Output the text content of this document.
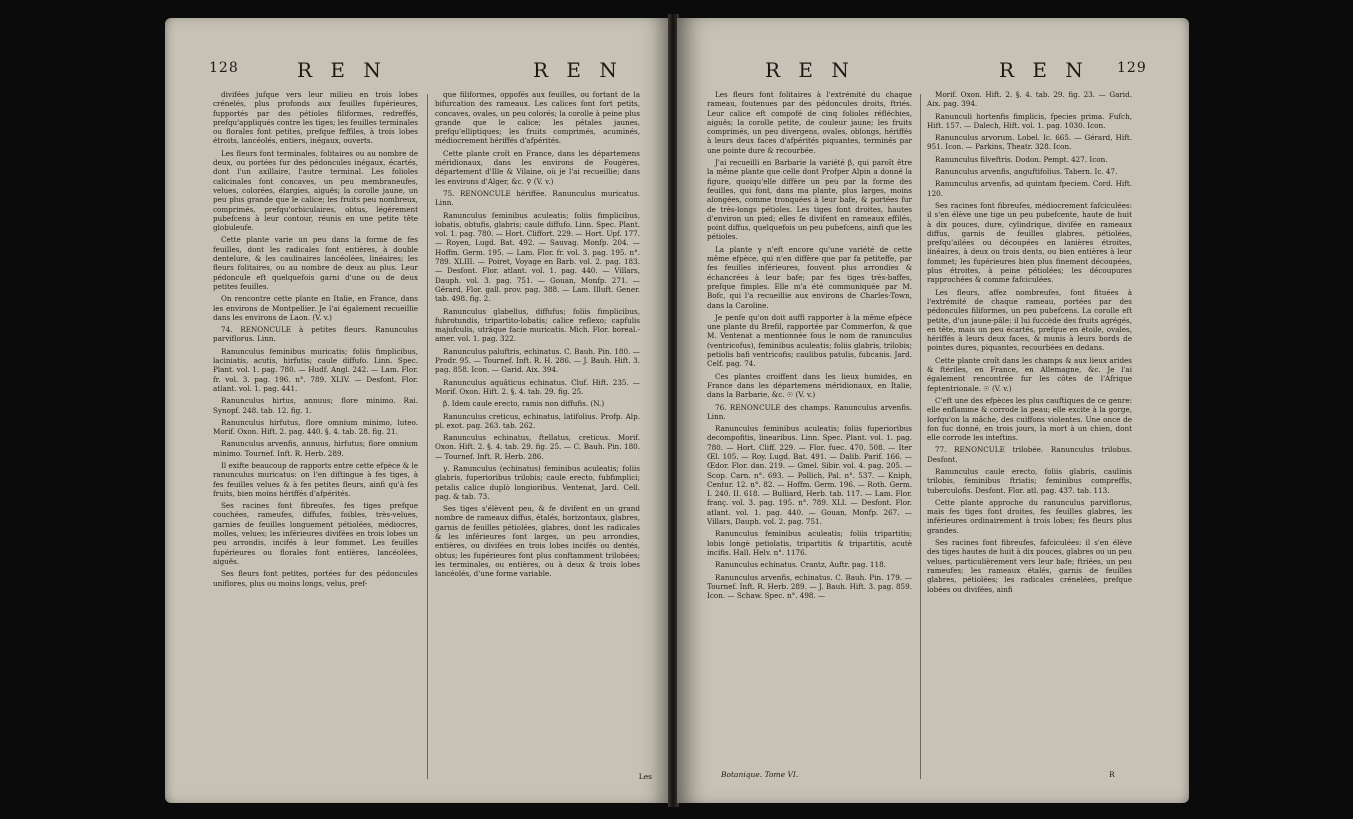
128	R E N	R E N

divifées jufque vers leur milieu en trois lobes crénelés, plus profonds aux feuilles fupérieures, fupportés par des pétioles filiformes, redreffés, prefqu'appliqués contre les tiges; les feuilles terminales ou florales font petites, prefque feffiles, à trois lobes étroits, lancéolés, entiers, inégaux, ouverts.

Les fleurs font terminales, folitaires ou au nombre de deux, ou portées fur des pédoncules inégaux, écartés, dont l'un axillaire, l'autre terminal. Les folioles calicinales font concaves, un peu membraneufes, velues, colorées, élargies, aiguës; la corolle jaune, un peu plus grande que le calice; les fruits peu nombreux, comprimés, prefqu'orbiculaires, obtus, légérement pubefcens à leur contour, réunis en une petite tête globuleufe.

Cette plante varie un peu dans la forme de fes feuilles, dont les radicales font entières, à double dentelure, & les caulinaires lancéolées, linéaires; les fleurs folitaires, ou au nombre de deux au plus. Leur pédoncule eft quelquefois garni d'une ou de deux petites feuilles.

On rencontre cette plante en Italie, en France, dans les environs de Montpellier. Je l'ai également recueillie dans les environs de Laon. (V. v.)

74. RENONCULE à petites fleurs. Ranunculus parviflorus. Linn.

Ranunculus feminibus muricatis; foliis fimplicibus, laciniatis, acutis, hirfutis; caule diffufo. Linn. Spec. Plant. vol. 1. pag. 780. — Hudf. Angl. 242. — Lam. Flor. fr. vol. 3. pag. 196. n°. 789. XLIV. — Desfont. Flor. atlant. vol. 1. pag. 441.

Ranunculus hirtus, annuus; flore minimo. Rai. Synopf. 248. tab. 12. fig. 1.

Ranunculus hirfutus, flore omnium minimo, luteo. Morif. Oxon. Hift. 2. pag. 440. §. 4. tab. 28. fig. 21.

Ranunculus arvenfis, annuus, hirfutus; flore omnium minimo. Tournef. Inft. R. Herb. 289.

Il exifte beaucoup de rapports entre cette efpèce & le ranunculus muricatus: on l'en diftingue à fes tiges, à fes feuilles velues & à fes petites fleurs, ainfi qu'à fes fruits, bien moins hériffés d'afpérités.

Ses racines font fibreufes, fes tiges prefque couchées, rameufes, diffufes, foibles, très-velues, garnies de feuilles longuement pétiolées, médiocres, molles, velues; les inférieures divifées en trois lobes un peu arrondis, incifés à leur fommet. Les feuilles fupérieures ou florales font entières, lancéolées, aiguës.

Ses fleurs font petites, portées fur des pédoncules uniflores, plus ou moins longs, velus, pref-

que filiformes, oppofés aux feuilles, ou fortant de la bifurcation des rameaux. Les calices font fort petits, concaves, ovales, un peu colorés; la corolle à peine plus grande que le calice; les pétales jaunes, prefqu'elliptiques; les fruits comprimés, acuminés, médiocrement hériffés d'afpérités.

Cette plante croît en France, dans les départemens méridionaux, dans les environs de Fougères, département d'Ille & Vilaine, où je l'ai recueillie; dans les environs d'Alger, &c. ⚲ (V. v.)

75. RENONCULE hériffée. Ranunculus muricatus. Linn.

Ranunculus feminibus aculeatis; foliis fimplicibus, lobatis, obtufis, glabris; caule diffufo. Linn. Spec. Plant. vol. 1. pag. 780. — Hort. Cliffort. 229. — Hort. Upf. 177. — Royen, Lugd. Bat. 492. — Sauvag. Monfp. 204. — Hoffm. Germ. 195. — Lam. Flor. fr. vol. 3. pag. 195. n°. 789. XLIII. — Poiret, Voyage en Barb. vol. 2. pag. 183. — Desfont. Flor. atlant. vol. 1. pag. 440. — Villars, Dauph. vol. 3. pag. 751. — Gouan, Monfp. 271. — Gérard, Flor. gall. prov. pag. 388. — Lam. Illuft. Gener. tab. 498. fig. 2.

Ranunculus glabellus, diffufus; foliis fimplicibus, fubrotundis, tripartito-lobatis; calice reflexo; capfulis majufculis, utrâque facie muricatis. Mich. Flor. boreal.-amer. vol. 1. pag. 322.

Ranunculus paluftris, echinatus. C. Bauh. Pin. 180. — Prodr. 95. — Tournef. Inft. R. H. 286. — J. Bauh. Hift. 3. pag. 858. Icon. — Garid. Aix. 394.

Ranunculus aquâticus echinatus. Cluf. Hift. 235. — Morif. Oxon. Hift. 2. §. 4. tab. 29. fig. 25.

β. Idem caule erecto, ramis non diffufis. (N.)

Ranunculus creticus, echinatus, latifolius. Profp. Alp. pl. exot. pag. 263. tab. 262.

Ranunculus echinatus, ftellatus, creticus. Morif. Oxon. Hift. 2. §. 4. tab. 29. fig. 25. — C. Bauh. Pin. 180. — Tournef. Inft. R. Herb. 286.

γ. Ranunculus (echinatus) feminibus aculeatis; foliis glabris, fuperioribus trilobis; caule erecto, fubfimplici; petalis calice duplò longioribus. Ventenat, Jard. Cell. pag. & tab. 73.

Ses tiges s'élèvent peu, & fe divifent en un grand nombre de rameaux diffus, étalés, horizontaux, glabres, garnis de feuilles pétiolées, glabres, dont les radicales & les inférieures font larges, un peu arrondies, entières, ou divifées en trois lobes incifés ou dentés, obtus; les fupérieures font plus conftamment trilobées; les terminales, ou entières, ou à deux & trois lobes lancéolés, d'une forme variable.

Les
R E N	R E N 129

Les fleurs font folitaires à l'extrémité du chaque rameau, foutenues par des pédoncules droits, ftriés. Leur calice eft compofé de cinq folioles réfléchies, aiguës; la corolle petite, de couleur jaune; les fruits comprimés, un peu divergens, ovales, oblongs, hériffés à leurs deux faces d'afpérités piquantes, terminés par une pointe dure & recourbée.

J'ai recueilli en Barbarie la variété β, qui paroît être la même plante que celle dont Profper Alpin a donné la figure, quoiqu'elle diffère un peu par la forme des feuilles, qui font, dans ma plante, plus larges, moins alongées, comme tronquées à leur bafe, & portées fur de très-longs pétioles. Les tiges font droites, hautes d'environ un pied; elles fe divifent en rameaux effilés, point diffus, quelquefois un peu pubefcens, ainfi que les pétioles.

La plante γ n'eft encore qu'une variété de cette même efpèce, qui n'en diffère que par fa petiteffe, par fes feuilles inférieures, fouvent plus arrondies & échancrées à leur bafe; par fes tiges très-baffes, prefque fimples. Elle m'a été communiquée par M. Bofc, qui l'a recueillie aux environs de Charles-Town, dans la Caroline.

Je penfe qu'on doit auffi rapporter à la même efpèce une plante du Brefil, rapportée par Commerfon, & que M. Ventenat a mentionnée fous le nom de ranunculus (ventricofus), feminibus aculeatis; foliis glabris, trilobis; petiolis bafi ventricofis; caulibus patulis, fubcanis. Jard. Celf. pag. 74.

Ces plantes croiffent dans les lieux humides, en France dans les départemens méridionaux, en Italie, dans la Barbarie, &c. ☉ (V. v.)

76. RENONCULE des champs. Ranunculus arvenfis. Linn.

Ranunculus feminibus aculeatis; foliis fuperioribus decompofitis, linearibus. Linn. Spec. Plant. vol. 1. pag. 780. — Hort. Cliff. 229. — Flor. fuec. 470. 508. — Iter Œl. 105. — Roy. Lugd. Bat. 491. — Dalib. Parif. 166. — Œdor. Flor. dan. 219. — Gmel. Sibir. vol. 4. pag. 205. — Scop. Carn. n°. 693. — Pollich, Pal. n°. 537. — Kniph, Centur. 12. n°. 82. — Hoffm. Germ. 196. — Roth. Germ. I. 240. II. 618. — Bulliard, Herb. tab. 117. — Lam. Flor. franç. vol. 3. pag. 195. n°. 789. XLI. — Desfont. Flor. atlant. vol. 1. pag. 440. — Gouan, Monfp. 267. — Villars, Dauph. vol. 2. pag. 751.

Ranunculus feminibus aculeatis; foliis tripartitis; lobis longè petiolatis, tripartitis & tripartitis, acutè incifis. Hall. Helv. n°. 1176.

Ranunculus echinatus. Crantz, Auftr. pag. 118.

Ranunculus arvenfis, echinatus. C. Bauh. Pin. 179. — Tournef. Inft. R. Herb. 289. — J. Bauh. Hift. 3. pag. 859. Icon. — Schaw. Spec. n°. 498. —

Morif. Oxon. Hift. 2. §. 4. tab. 29. fig. 23. — Garid. Aix. pag. 394.

Ranunculi hortenfis fimplicis, fpecies prima. Fufch, Hift. 157. — Dalech, Hift. vol. 1. pag. 1030. Icon.

Ranunculus arvorum. Lobel. Ic. 665. — Gérard, Hift. 951. Icon. — Parkins, Theatr. 328. Icon.

Ranunculus filveftris. Dodon. Pempt. 427. Icon.

Ranunculus arvenfis, anguftifolius. Tabern. Ic. 47.

Ranunculus arvenfis, ad quintam fpeciem. Cord. Hift. 120.

Ses racines font fibreufes, médiocrement fafciculées: il s'en élève une tige un peu pubefcente, haute de huit à dix pouces, dure, cylindrique, divifée en rameaux diffus, garnis de feuilles glabres, pétiolées, prefqu'ailées ou découpées en lanières étroites, linéaires, à deux ou trois dents, ou bien entières à leur fommet; les fupérieures bien plus finement découpées, plus étroites, à peine pétiolées; les découpures rapprochées & comme fafciculées.

Les fleurs, affez nombreufes, font fituées à l'extrémité de chaque rameau, portées par des pédoncules filiformes, un peu pubefcens. La corolle eft petite, d'un jaune-pâle: il lui fuccède des fruits agrégés, en tête, mais un peu écartés, prefque en étoile, ovales, hériffés à leurs deux faces, & munis à leurs bords de pointes dures, piquantes, recourbées en dedans.

Cette plante croît dans les champs & aux lieux arides & ftériles, en France, en Allemagne, &c. Je l'ai également rencontrée fur les côtes de l'Afrique feptentrionale. ☉ (V. v.)

C'eft une des efpèces les plus cauftiques de ce genre: elle enflamme & corrode la peau; elle excite à la gorge, lorfqu'on la mâche, des cuiffons violentes. Une once de fon fuc donné, en trois jours, la mort à un chien, dont elle corrode les inteftins.

77. RENONCULE trilobée. Ranunculus trilobus. Desfont.

Ranunculus caule erecto, foliis glabris, caulinis trilobis, feminibus ftriatis; feminibus compreffis, tuberculofis. Desfont. Flor. atl. pag. 437. tab. 113.

Cette plante approche du ranunculus parviflorus, mais fes tiges font droites, fes feuilles glabres, les inférieures ordinairement à trois lobes; fes fleurs plus grandes.

Ses racines font fibreufes, fafciculées: il s'en élève des tiges hautes de huit à dix pouces, glabres ou un peu velues, particulièrement vers leur bafe; ftriées, un peu rameufes; les rameaux étalés, garnis de feuilles glabres, pétiolées; les radicales crénelées, prefque lobées ou divifées, ainfi

Botanique. Tome VI.	R
